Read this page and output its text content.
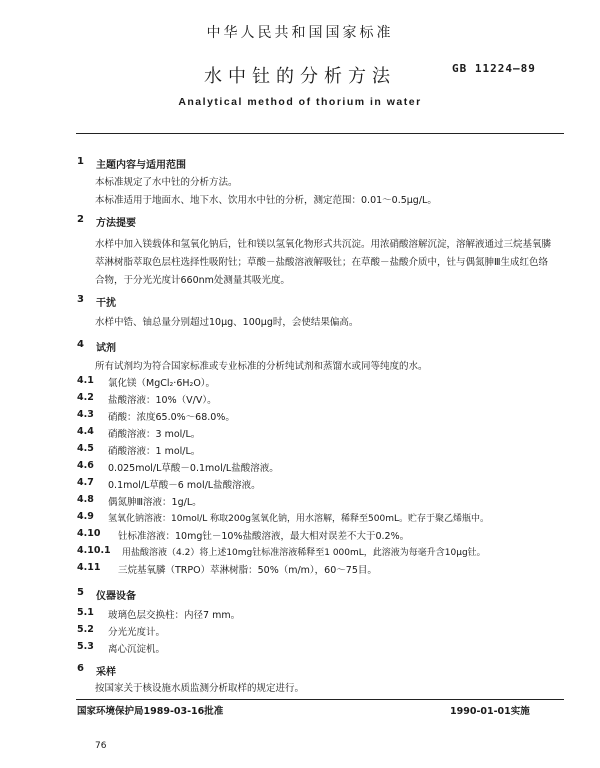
中华人民共和国国家标准
水中钍的分析方法	GB 11224—89
Analytical method of thorium in water
1 主题内容与适用范围
本标准规定了水中钍的分析方法。
本标准适用于地面水、地下水、饮用水中钍的分析，测定范围：0.01～0.5μg/L。
2 方法提要
水样中加入镁载体和氢氧化钠后，钍和镁以氢氧化物形式共沉淀。用浓硝酸溶解沉淀，溶解液通过三烷基氧膦萃淋树脂萃取色层柱选择性吸附钍；草酸－盐酸溶液解吸钍；在草酸－盐酸介质中，钍与偶氮胂Ⅲ生成红色络合物，于分光光度计660nm处测量其吸光度。
3 干扰
水样中锆、铀总量分别超过10μg、100μg时，会使结果偏高。
4 试剂
所有试剂均为符合国家标准或专业标准的分析纯试剂和蒸馏水或同等纯度的水。
4.1 氯化镁（MgCl₂·6H₂O）。
4.2 盐酸溶液：10%（V/V）。
4.3 硝酸：浓度65.0%～68.0%。
4.4 硝酸溶液：3 mol/L。
4.5 硝酸溶液：1 mol/L。
4.6 0.025mol/L草酸－0.1mol/L盐酸溶液。
4.7 0.1mol/L草酸－6 mol/L盐酸溶液。
4.8 偶氮胂Ⅲ溶液：1g/L。
4.9 氢氧化钠溶液：10mol/L 称取200g氢氧化钠，用水溶解，稀释至500mL。贮存于聚乙烯瓶中。
4.10 钍标准溶液：10mg钍－10%盐酸溶液，最大相对误差不大于0.2%。
4.10.1 用盐酸溶液（4.2）将上述10mg钍标准溶液稀释至1 000mL，此溶液为每毫升含10μg钍。
4.11 三烷基氧膦（TRPO）萃淋树脂：50%（m/m），60～75目。
5 仪器设备
5.1 玻璃色层交换柱：内径7 mm。
5.2 分光光度计。
5.3 离心沉淀机。
6 采样
按国家关于核设施水质监测分析取样的规定进行。
国家环境保护局1989-03-16批准	1990-01-01实施
76
